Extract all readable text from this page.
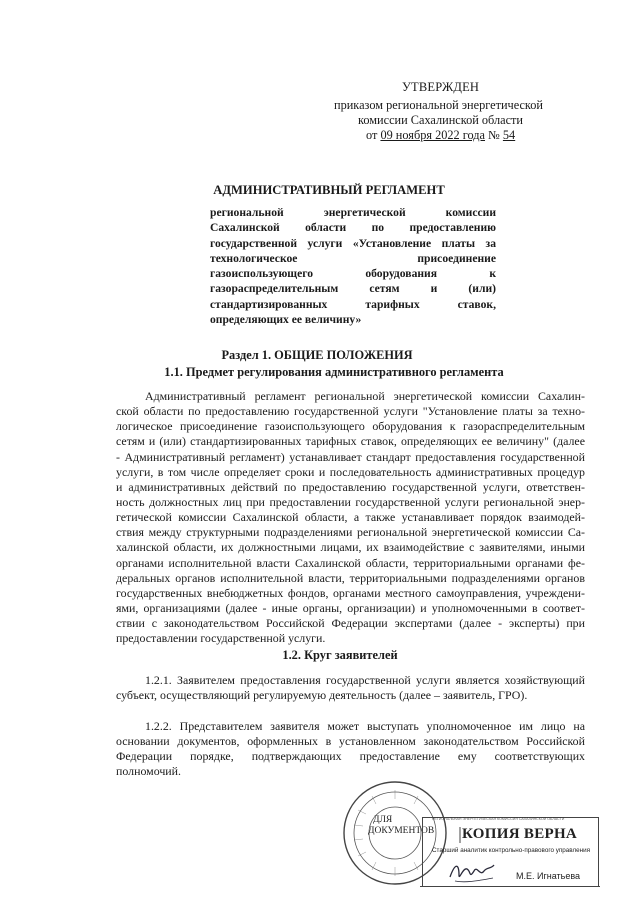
УТВЕРЖДЕН
приказом региональной энергетической
комиссии Сахалинской области
от 09 ноября 2022 года № 54
АДМИНИСТРАТИВНЫЙ РЕГЛАМЕНТ
региональной энергетической комиссии
Сахалинской области по предоставлению
государственной услуги «Установление платы за
технологическое присоединение
газоиспользующего оборудования к
газораспределительным сетям и (или)
стандартизированных тарифных ставок,
определяющих ее величину»
Раздел 1. ОБЩИЕ ПОЛОЖЕНИЯ
1.1. Предмет регулирования административного регламента
Административный регламент региональной энергетической комиссии Сахалин-
ской области по предоставлению государственной услуги "Установление платы за техно-
логическое присоединение газоиспользующего оборудования к газораспределительным
сетям и (или) стандартизированных тарифных ставок, определяющих ее величину" (далее
- Административный регламент) устанавливает стандарт предоставления государственной
услуги, в том числе определяет сроки и последовательность административных процедур
и административных действий по предоставлению государственной услуги, ответствен-
ность должностных лиц при предоставлении государственной услуги региональной энер-
гетической комиссии Сахалинской области, а также устанавливает порядок взаимодей-
ствия между структурными подразделениями региональной энергетической комиссии Са-
халинской области, их должностными лицами, их взаимодействие с заявителями, иными
органами исполнительной власти Сахалинской области, территориальными органами фе-
деральных органов исполнительной власти, территориальными подразделениями органов
государственных внебюджетных фондов, органами местного самоуправления, учреждени-
ями, организациями (далее - иные органы, организации) и уполномоченными в соответ-
ствии с законодательством Российской Федерации экспертами (далее - эксперты) при
предоставлении государственной услуги.
1.2. Круг заявителей
1.2.1. Заявителем предоставления государственной услуги является хозяйствующий
субъект, осуществляющий регулируемую деятельность (далее – заявитель, ГРО).
1.2.2. Представителем заявителя может выступать уполномоченное им лицо на
основании документов, оформленных в установленном законодательством Российской
Федерации порядке, подтверждающих предоставление ему соответствующих
полномочий.
ДЛЯ
ДОКУМЕНТОВ
РЕГИОНАЛЬНАЯ ЭНЕРГЕТИЧЕСКАЯ КОМИССИЯ САХАЛИНСКОЙ ОБЛАСТИ
КОПИЯ ВЕРНА
Старший аналитик контрольно-правового управления
М.Е. Игнатьева
